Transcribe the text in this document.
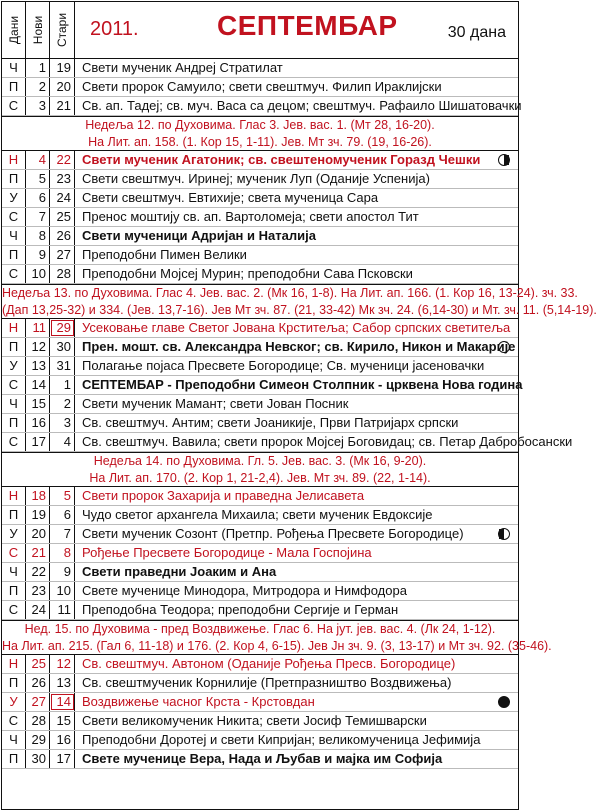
Дани Нови Стари 2011.	СЕПТЕМБАР	30 дана
Ч	1 19 Свети мученик Андреј Стратилат
П	2 20 Свети пророк Самуило; свети свештмуч. Филип Ираклијски
С	3 21 Св. ап. Тадеј; св. муч. Васа са децом; свештмуч. Рафаило Шишатовачки
Недеља 12. по Духовима. Глас 3. Јев. вас. 1. (Мт 28, 16-20).
На Лит. ап. 158. (1. Кор 15, 1-11). Јев. Мт зч. 79. (19, 16-26).
Н	4 22 Свети мученик Агатоник; св. свештеномученик Горазд Чешки
П	5 23 Свети свештмуч. Иринеј; мученик Луп (Оданије Успенија)
У	6 24 Свети свештмуч. Евтихије; света мученица Сара
С	7 25 Пренос моштију св. ап. Вартоломеја; свети апостол Тит
Ч	8 26 Свети мученици Адријан и Наталија
П	9 27 Преподобни Пимен Велики
С	10 28 Преподобни Мојсеј Мурин; преподобни Сава Псковски
Недеља 13. по Духовима. Глас 4. Јев. вас. 2. (Мк 16, 1-8). На Лит. ап. 166. (1. Кор 16, 13-24). зч. 33.
(Дап 13,25-32) и 334. (Јев. 13,7-16). Јев Мт зч. 87. (21, 33-42) Мк зч. 24. (6,14-30) и Мт. зч. 11. (5,14-19).
Н	11 29 Усековање главе Светог Јована Крститеља; Сабор српских светитеља
П	12 30 Прен. мошт. св. Александра Невског; св. Кирило, Никон и Макарије
У	13 31 Полагање појаса Пресвете Богородице; Св. мученици јасеновачки
С	14	1 СЕПТЕМБАР - Преподобни Симеон Столпник - црквена Нова година
Ч	15	2 Свети мученик Мамант; свети Јован Посник
П	16	3 Св. свештмуч. Антим; свети Јоаникије, Први Патријарх српски
С	17	4 Св. свештмуч. Вавила; свети пророк Мојсеј Боговидац; св. Петар Дабробосански
Недеља 14. по Духовима. Гл. 5. Јев. вас. 3. (Мк 16, 9-20).
На Лит. ап. 170. (2. Кор 1, 21-2,4). Јев. Мт зч. 89. (22, 1-14).
Н	18	5 Свети пророк Захарија и праведна Јелисавета
П	19	6 Чудо светог архангела Михаила; свети мученик Евдоксије
У	20	7 Свети мученик Созонт (Претпр. Рођења Пресвете Богородице)
С	21	8 Рођење Пресвете Богородице - Мала Госпојина
Ч	22	9 Свети праведни Јоаким и Ана
П	23 10 Свете мученице Минодора, Митродора и Нимфодора
С	24 11 Преподобна Теодора; преподобни Сергије и Герман
Нед. 15. по Духовима - пред Воздвижење. Глас 6. На јут. јев. вас. 4. (Лк 24, 1-12).
На Лит. ап. 215. (Гал 6, 11-18) и 176. (2. Кор 4, 6-15). Јев Јн зч. 9. (3, 13-17) и Мт зч. 92. (35-46).
Н	25 12 Св. свештмуч. Автоном (Оданије Рођења Пресв. Богородице)
П	26 13 Св. свештмученик Корнилије (Претпразништво Воздвижења)
У	27 14 Воздвижење часног Крста - Крстовдан
С	28 15 Свети великомученик Никита; свети Јосиф Темишварски
Ч	29 16 Преподобни Доротеј и свети Кипријан; великомученица Јефимија
П	30 17 Свете мученице Вера, Нада и Љубав и мајка им Софија
